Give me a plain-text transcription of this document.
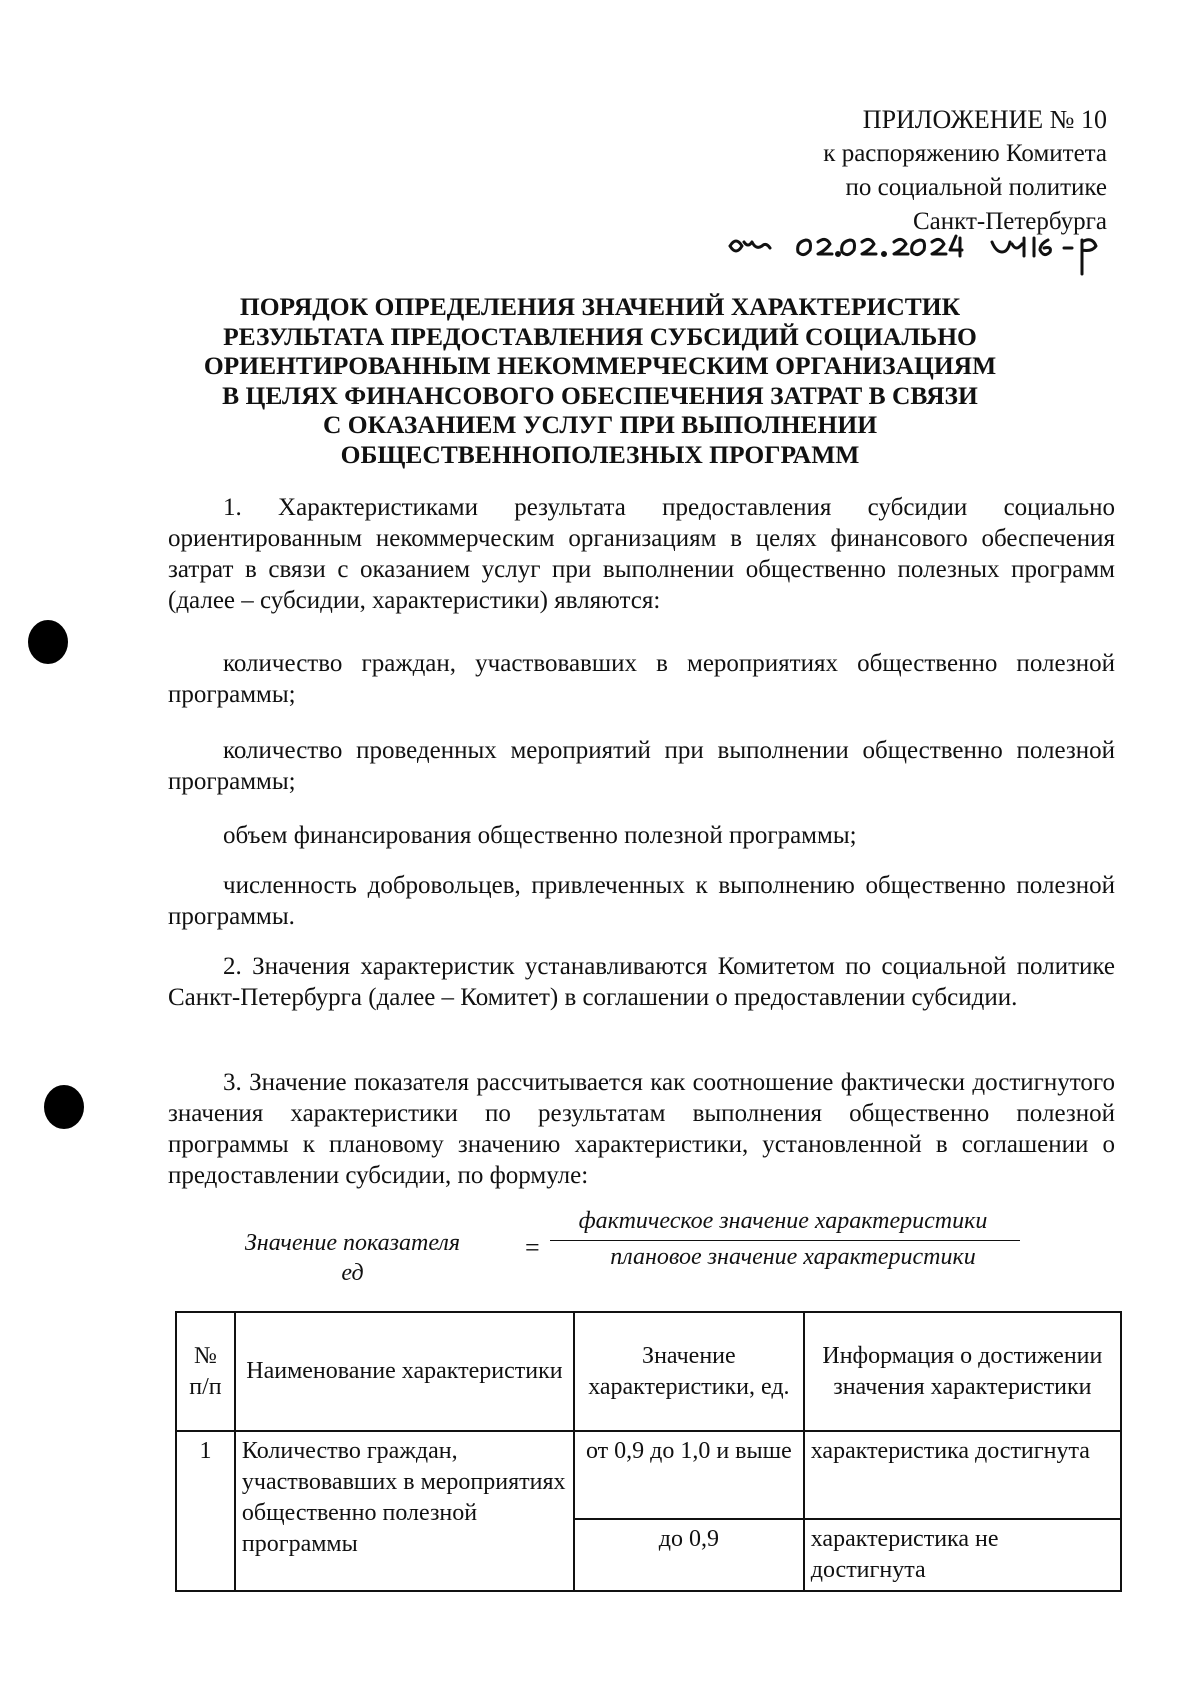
ПРИЛОЖЕНИЕ № 10
к распоряжению Комитета
по социальной политике
Санкт-Петербурга
ПОРЯДОК ОПРЕДЕЛЕНИЯ ЗНАЧЕНИЙ ХАРАКТЕРИСТИК
РЕЗУЛЬТАТА ПРЕДОСТАВЛЕНИЯ СУБСИДИЙ СОЦИАЛЬНО
ОРИЕНТИРОВАННЫМ НЕКОММЕРЧЕСКИМ ОРГАНИЗАЦИЯМ
В ЦЕЛЯХ ФИНАНСОВОГО ОБЕСПЕЧЕНИЯ ЗАТРАТ В СВЯЗИ
С ОКАЗАНИЕМ УСЛУГ ПРИ ВЫПОЛНЕНИИ
ОБЩЕСТВЕННОПОЛЕЗНЫХ ПРОГРАММ

1. Характеристиками результата предоставления субсидии социально ориентированным некоммерческим организациям в целях финансового обеспечения затрат в связи с оказанием услуг при выполнении общественно полезных программ (далее – субсидии, характеристики) являются:

количество граждан, участвовавших в мероприятиях общественно полезной программы;

количество проведенных мероприятий при выполнении общественно полезной программы;

объем финансирования общественно полезной программы;

численность добровольцев, привлеченных к выполнению общественно полезной программы.

2. Значения характеристик устанавливаются Комитетом по социальной политике Санкт-Петербурга (далее – Комитет) в соглашении о предоставлении субсидии.

3. Значение показателя рассчитывается как соотношение фактически достигнутого значения характеристики по результатам выполнения общественно полезной программы к плановому значению характеристики, установленной в соглашении о предоставлении субсидии, по формуле:

Значение показателя
ед
=
фактическое значение характеристики
плановое значение характеристики
№ п/п	Наименование характеристики	Значение характеристики, ед.	Информация о достижении значения характеристики
1	Количество граждан, участвовавших в мероприятиях общественно полезной программы	от 0,9 до 1,0 и выше	характеристика достигнута
		до 0,9	характеристика не достигнута
